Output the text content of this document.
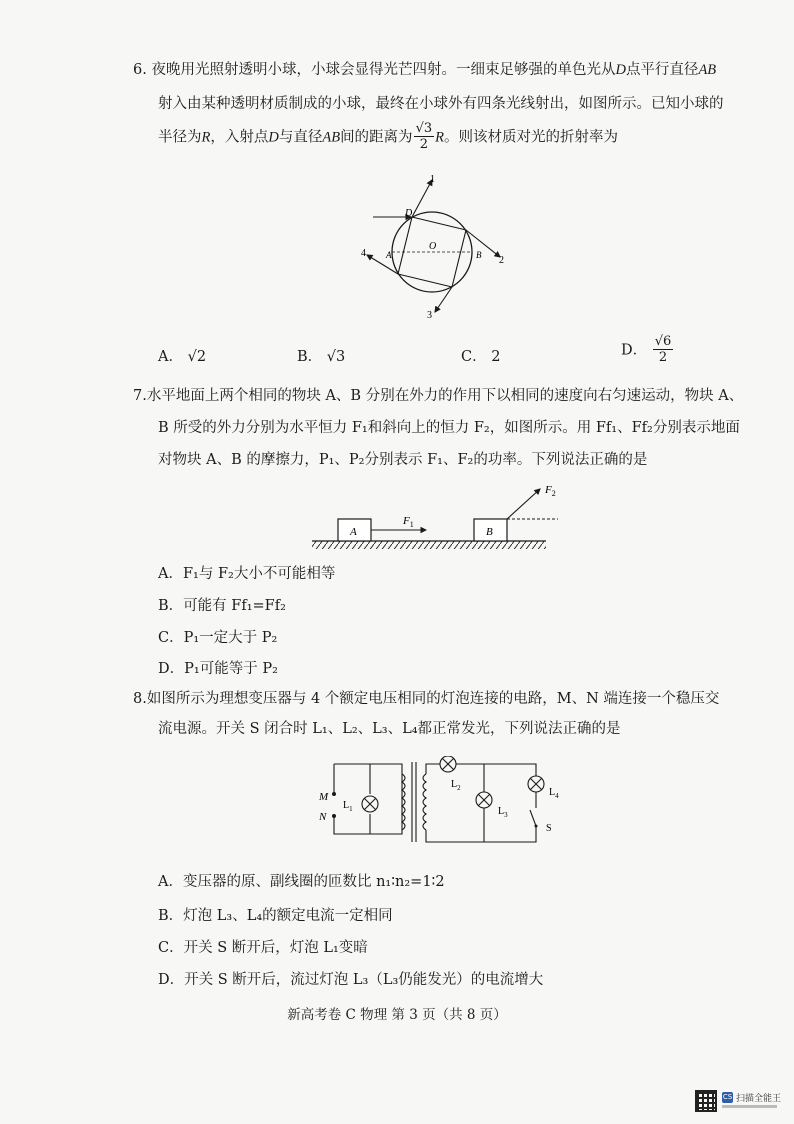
6. 夜晚用光照射透明小球，小球会显得光芒四射。一细束足够强的单色光从D点平行直径AB
射入由某种透明材质制成的小球，最终在小球外有四条光线射出，如图所示。已知小球的
半径为R，入射点D与直径AB间的距离为 $\frac{√3}{2}$ R。则该材质对光的折射率为
1
2
3
4
D
O
A	B
A． √2	B． √3	C． 2	D． $\frac{√6}{2}$
7.水平地面上两个相同的物块 A、B 分别在外力的作用下以相同的速度向右匀速运动，物块 A、
B 所受的外力分别为水平恒力 F₁和斜向上的恒力 F₂，如图所示。用 Ff₁、Ff₂分别表示地面
对物块 A、B 的摩擦力，P₁、P₂分别表示 F₁、F₂的功率。下列说法正确的是
A
$F_1$
B
$F_2$
A．F₁与 F₂大小不可能相等
B．可能有 Ff₁=Ff₂
C．P₁一定大于 P₂
D．P₁可能等于 P₂
8.如图所示为理想变压器与 4 个额定电压相同的灯泡连接的电路，M、N 端连接一个稳压交
流电源。开关 S 闭合时 L₁、L₂、L₃、L₄都正常发光，下列说法正确的是
M
N
$L_1$
$L_2$
$L_3$
$L_4$
S
A．变压器的原、副线圈的匝数比 n₁∶n₂=1∶2
B．灯泡 L₃、L₄的额定电流一定相同
C．开关 S 断开后，灯泡 L₁变暗
D．开关 S 断开后，流过灯泡 L₃（L₃仍能发光）的电流增大
新高考卷 C 物理 第 3 页（共 8 页）
CS 扫描全能王
